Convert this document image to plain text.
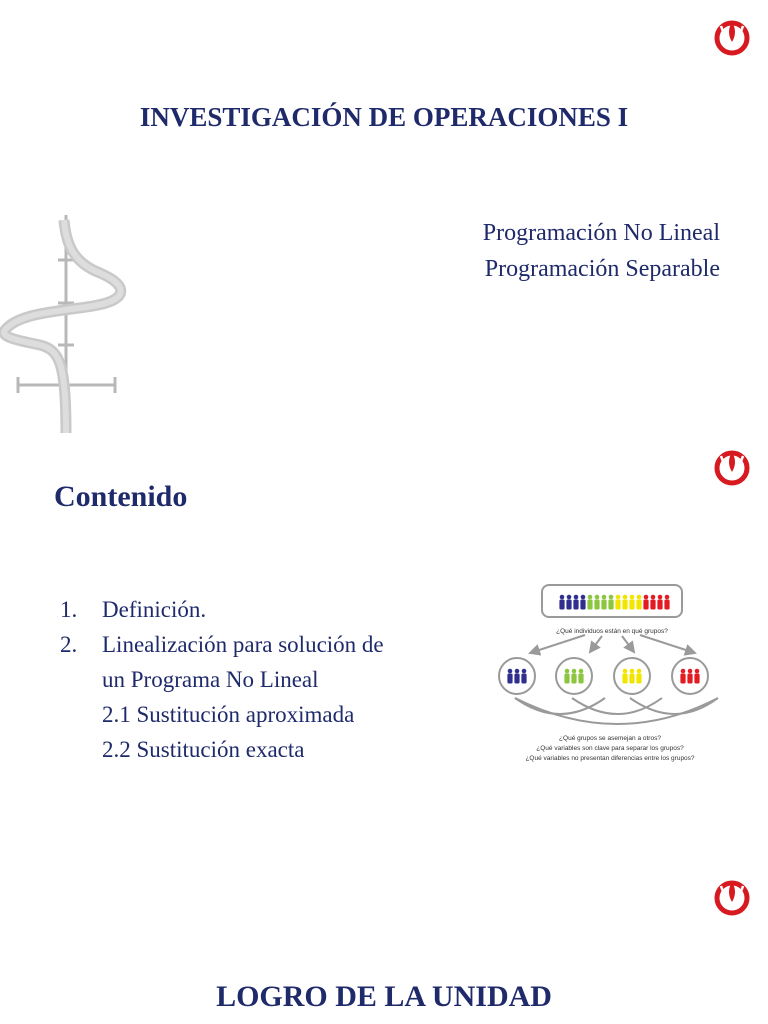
INVESTIGACIÓN DE OPERACIONES I
Programación No Lineal
Programación Separable
Contenido
1.	Definición.
2.	Linealización para solución de
un Programa No Lineal
2.1 Sustitución aproximada
2.2 Sustitución exacta
¿Qué individuos están en qué grupos?
¿Qué grupos se asemejan a otros?
¿Qué variables son clave para separar los grupos?
¿Qué variables no presentan diferencias entre los grupos?
LOGRO DE LA UNIDAD
